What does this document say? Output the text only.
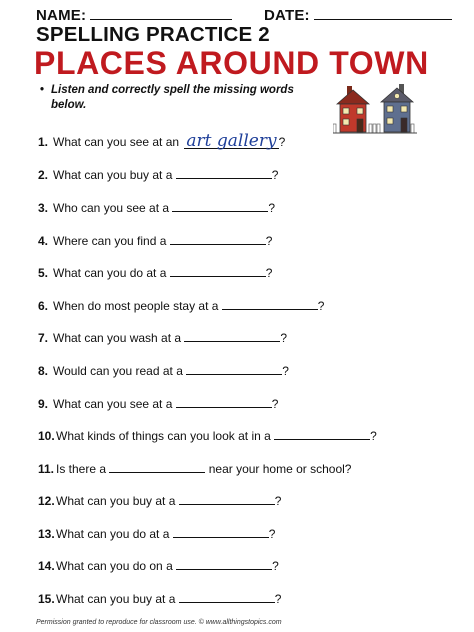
NAME:	DATE:
SPELLING PRACTICE 2
PLACES AROUND TOWN
• Listen and correctly spell the missing words below.
1. What can you see at an art gallery ?
2. What can you buy at a	?
3. Who can you see at a	?
4. Where can you find a	?
5. What can you do at a	?
6. When do most people stay at a	?
7. What can you wash at a	?
8. Would can you read at a	?
9. What can you see at a	?
10.What kinds of things can you look at in a	?
11. Is there a	near your home or school?
12.What can you buy at a	?
13.What can you do at a	?
14.What can you do on a	?
15.What can you buy at a	?
Permission granted to reproduce for classroom use. © www.allthingstopics.com
